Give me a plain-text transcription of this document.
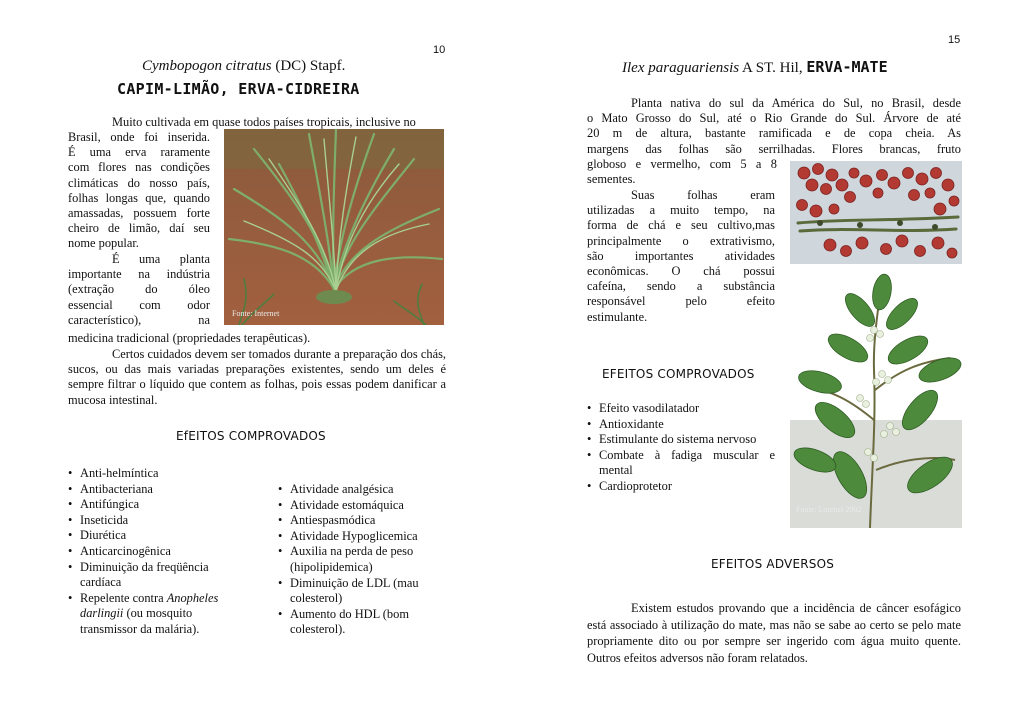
10
Cymbopogon citratus (DC) Stapf.
CAPIM-LIMÃO, ERVA-CIDREIRA

Muito cultivada em quase todos países tropicais, inclusive no

Brasil, onde foi inserida.
É uma erva raramente
com flores nas condições
climáticas do nosso país,
folhas longas que, quando
amassadas, possuem forte
cheiro de limão, daí seu
nome popular.
É uma planta
importante na indústria
(extração do óleo
essencial com odor
característico), na

medicina tradicional (propriedades terapêuticas).

Certos cuidados devem ser tomados durante a preparação dos chás, sucos, ou das mais variadas preparações existentes, sendo um deles é sempre filtrar o líquido que contem as folhas, pois essas podem danificar a mucosa intestinal.

Fonte: Internet
EfEITOS COMPROVADOS
• Anti-helmíntica
• Antibacteriana
• Antifúngica
• Inseticida
• Diurética
• Anticarcinogênica
• Diminuição da freqüência cardíaca
• Repelente contra Anopheles darlingii (ou mosquito transmissor da malária).
• Atividade analgésica
• Atividade estomáquica
• Antiespasmódica
• Atividade Hypoglicemica
• Auxilia na perda de peso (hipolipidemica)
• Diminuição de LDL (mau colesterol)
• Aumento do HDL (bom colesterol).
15
Ilex paraguariensis A ST. Hil, ERVA-MATE
Planta nativa do sul da América do Sul, no Brasil, desde
o Mato Grosso do Sul, até o Rio Grande do Sul. Árvore de até
20 m de altura, bastante ramificada e de copa cheia. As
margens das folhas são serrilhadas. Flores brancas, fruto
globoso e vermelho, com 5 a 8
sementes.
Suas folhas eram
utilizadas a muito tempo, na
forma de chá e seu cultivo,mas
principalmente o extrativismo,
são importantes atividades
econômicas. O chá possui
cafeína, sendo a substância
responsável pelo efeito
estimulante.
Fonte: Lorenzi 2002
EFEITOS COMPROVADOS
• Efeito vasodilatador
• Antioxidante
• Estimulante do sistema nervoso
• Combate à fadiga muscular e mental
• Cardioprotetor
EFEITOS ADVERSOS

Existem estudos provando que a incidência de câncer esofágico está associado à utilização do mate, mas não se sabe ao certo se pelo mate propriamente dito ou por sempre ser ingerido com água muito quente. Outros efeitos adversos não foram relatados.
